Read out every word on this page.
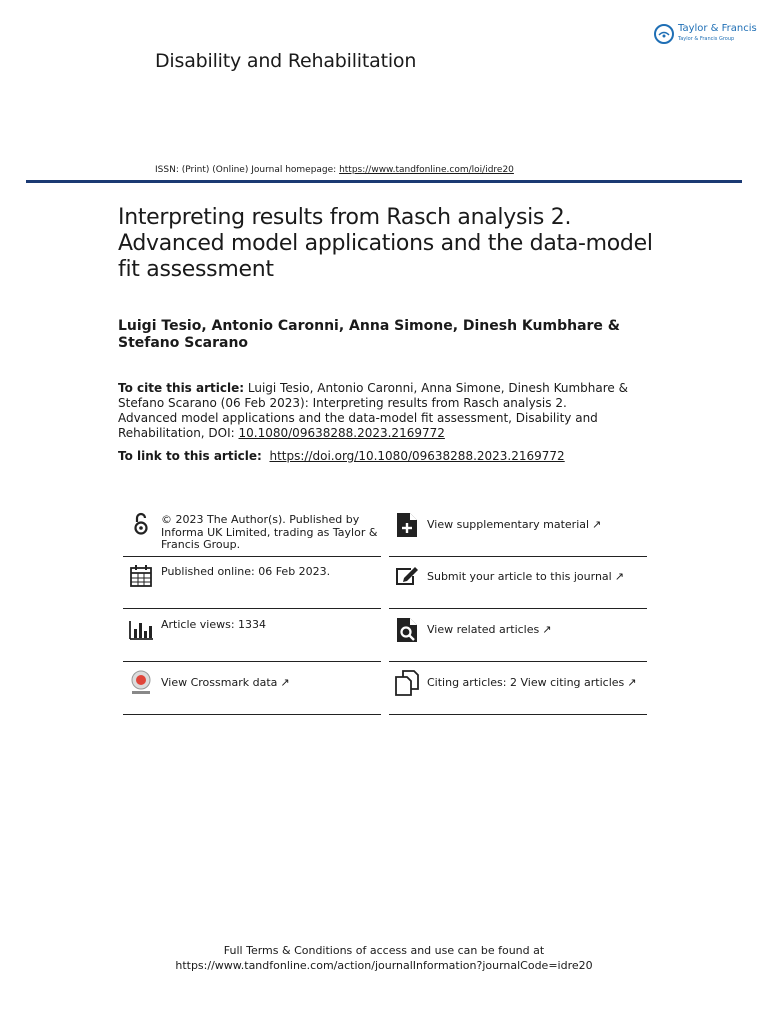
Disability and Rehabilitation
Taylor & Francis
Taylor & Francis Group
ISSN: (Print) (Online) Journal homepage: https://www.tandfonline.com/loi/idre20
Interpreting results from Rasch analysis 2. Advanced model applications and the data-model fit assessment
Luigi Tesio, Antonio Caronni, Anna Simone, Dinesh Kumbhare & Stefano Scarano
To cite this article: Luigi Tesio, Antonio Caronni, Anna Simone, Dinesh Kumbhare & Stefano Scarano (06 Feb 2023): Interpreting results from Rasch analysis 2. Advanced model applications and the data-model fit assessment, Disability and Rehabilitation, DOI: 10.1080/09638288.2023.2169772
To link to this article: https://doi.org/10.1080/09638288.2023.2169772
© 2023 The Author(s). Published by Informa UK Limited, trading as Taylor & Francis Group.
Published online: 06 Feb 2023.
Article views: 1334
View Crossmark data ↗
View supplementary material ↗
Submit your article to this journal ↗
View related articles ↗
Citing articles: 2 View citing articles ↗
Full Terms & Conditions of access and use can be found at
https://www.tandfonline.com/action/journalInformation?journalCode=idre20
